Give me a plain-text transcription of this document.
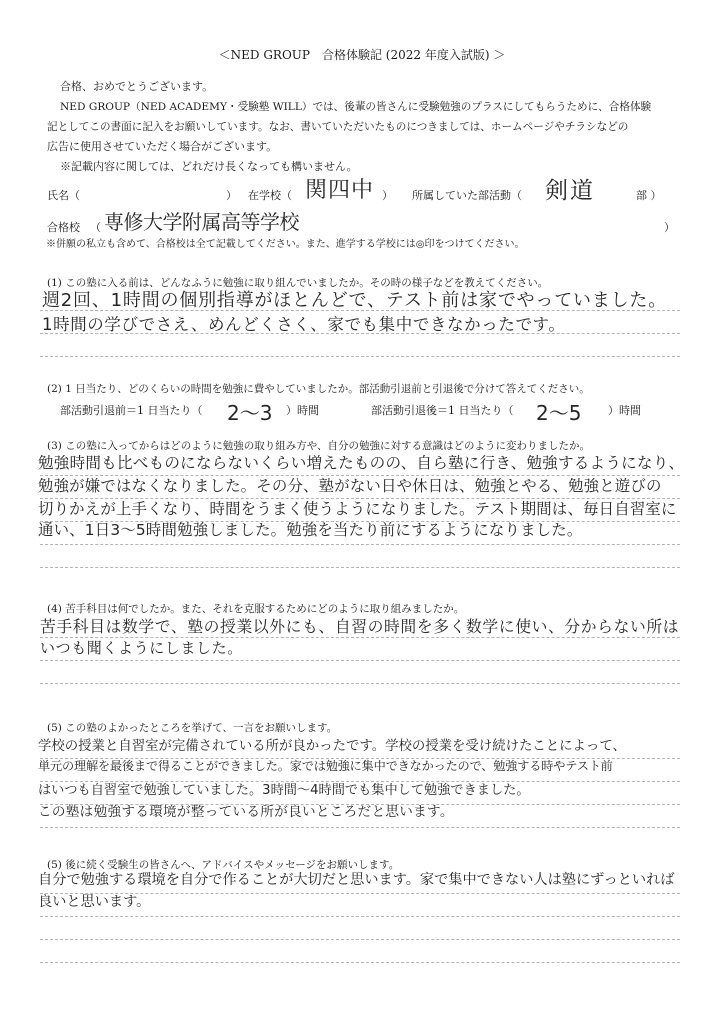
＜NED GROUP　合格体験記 (2022 年度入試版) ＞
合格、おめでとうございます。
NED GROUP（NED ACADEMY・受験塾 WILL）では、後輩の皆さんに受験勉強のプラスにしてもらうために、合格体験
記としてこの書面に記入をお願いしています。なお、書いていただいたものにつきましては、ホームページやチラシなどの
広告に使用させていただく場合がございます。
※記載内容に関しては、どれだけ長くなっても構いません。
氏名（	） 在学校（ 関四中 ） 所属していた部活動（ 剣道	部 ）
合格校 （ 専修大学附属高等学校	）
※併願の私立も含めて、合格校は全て記載してください。また、進学する学校には◎印をつけてください。
(1) この塾に入る前は、どんなふうに勉強に取り組んでいましたか。その時の様子などを教えてください。
週2回、1時間の個別指導がほとんどで、テスト前は家でやっていました。
1時間の学びでさえ、めんどくさく、家でも集中できなかったです。
(2) 1 日当たり、どのくらいの時間を勉強に費やしていましたか。部活動引退前と引退後で分けて答えてください。
部活動引退前＝1 日当たり（ 2〜3 ）時間	部活動引退後＝1 日当たり（ 2〜5 ）時間
(3) この塾に入ってからはどのように勉強の取り組み方や、自分の勉強に対する意識はどのように変わりましたか。
勉強時間も比べものにならないくらい増えたものの、自ら塾に行き、勉強するようになり、
勉強が嫌ではなくなりました。その分、塾がない日や休日は、勉強とやる、勉強と遊びの
切りかえが上手くなり、時間をうまく使うようになりました。テスト期間は、毎日自習室に
通い、1日3〜5時間勉強しました。勉強を当たり前にするようになりました。
(4) 苦手科目は何でしたか。また、それを克服するためにどのように取り組みましたか。
苦手科目は数学で、塾の授業以外にも、自習の時間を多く数学に使い、分からない所は
いつも聞くようにしました。
(5) この塾のよかったところを挙げて、一言をお願いします。
学校の授業と自習室が完備されている所が良かったです。学校の授業を受け続けたことによって、
単元の理解を最後まで得ることができました。家では勉強に集中できなかったので、勉強する時やテスト前
はいつも自習室で勉強していました。3時間〜4時間でも集中して勉強できました。
この塾は勉強する環境が整っている所が良いところだと思います。
(5) 後に続く受験生の皆さんへ、アドバイスやメッセージをお願いします。
自分で勉強する環境を自分で作ることが大切だと思います。家で集中できない人は塾にずっといれば
良いと思います。
